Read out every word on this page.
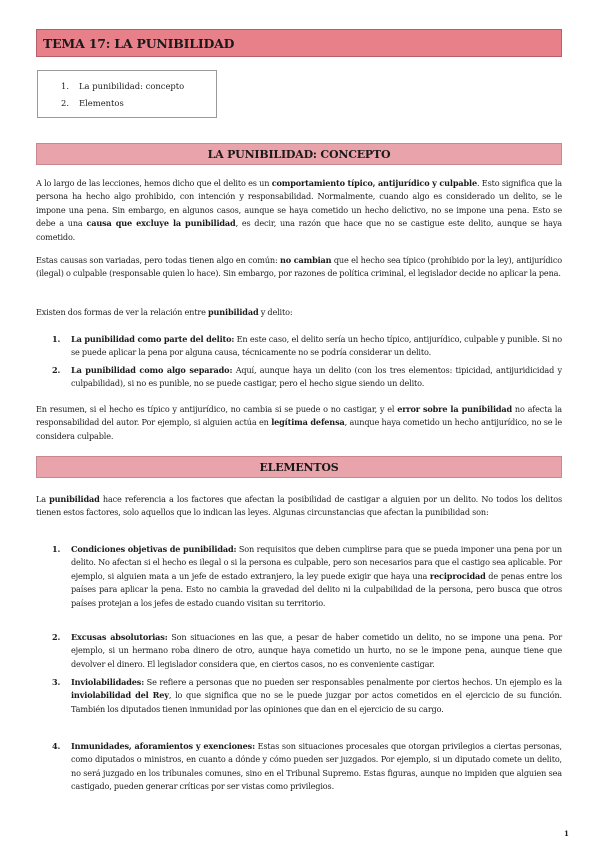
TEMA 17: LA PUNIBILIDAD
1.	La punibilidad: concepto
2.	Elementos
LA PUNIBILIDAD: CONCEPTO
A lo largo de las lecciones, hemos dicho que el delito es un comportamiento típico, antijurídico y culpable. Esto significa que la persona ha hecho algo prohibido, con intención y responsabilidad. Normalmente, cuando algo es considerado un delito, se le impone una pena. Sin embargo, en algunos casos, aunque se haya cometido un hecho delictivo, no se impone una pena. Esto se debe a una causa que excluye la punibilidad, es decir, una razón que hace que no se castigue este delito, aunque se haya cometido.
Estas causas son variadas, pero todas tienen algo en común: no cambian que el hecho sea típico (prohibido por la ley), antijurídico (ilegal) o culpable (responsable quien lo hace). Sin embargo, por razones de política criminal, el legislador decide no aplicar la pena.
Existen dos formas de ver la relación entre punibilidad y delito:
1.	La punibilidad como parte del delito: En este caso, el delito sería un hecho típico, antijurídico, culpable y punible. Si no se puede aplicar la pena por alguna causa, técnicamente no se podría considerar un delito.
2.	La punibilidad como algo separado: Aquí, aunque haya un delito (con los tres elementos: tipicidad, antijuridicidad y culpabilidad), si no es punible, no se puede castigar, pero el hecho sigue siendo un delito.
En resumen, si el hecho es típico y antijurídico, no cambia si se puede o no castigar, y el error sobre la punibilidad no afecta la responsabilidad del autor. Por ejemplo, si alguien actúa en legítima defensa, aunque haya cometido un hecho antijurídico, no se le considera culpable.
ELEMENTOS
La punibilidad hace referencia a los factores que afectan la posibilidad de castigar a alguien por un delito. No todos los delitos tienen estos factores, solo aquellos que lo indican las leyes. Algunas circunstancias que afectan la punibilidad son:
1.	Condiciones objetivas de punibilidad: Son requisitos que deben cumplirse para que se pueda imponer una pena por un delito. No afectan si el hecho es ilegal o si la persona es culpable, pero son necesarios para que el castigo sea aplicable. Por ejemplo, si alguien mata a un jefe de estado extranjero, la ley puede exigir que haya una reciprocidad de penas entre los países para aplicar la pena. Esto no cambia la gravedad del delito ni la culpabilidad de la persona, pero busca que otros países protejan a los jefes de estado cuando visitan su territorio.
2.	Excusas absolutorias: Son situaciones en las que, a pesar de haber cometido un delito, no se impone una pena. Por ejemplo, si un hermano roba dinero de otro, aunque haya cometido un hurto, no se le impone pena, aunque tiene que devolver el dinero. El legislador considera que, en ciertos casos, no es conveniente castigar.
3.	Inviolabilidades: Se refiere a personas que no pueden ser responsables penalmente por ciertos hechos. Un ejemplo es la inviolabilidad del Rey, lo que significa que no se le puede juzgar por actos cometidos en el ejercicio de su función. También los diputados tienen inmunidad por las opiniones que dan en el ejercicio de su cargo.
4.	Inmunidades, aforamientos y exenciones: Estas son situaciones procesales que otorgan privilegios a ciertas personas, como diputados o ministros, en cuanto a dónde y cómo pueden ser juzgados. Por ejemplo, si un diputado comete un delito, no será juzgado en los tribunales comunes, sino en el Tribunal Supremo. Estas figuras, aunque no impiden que alguien sea castigado, pueden generar críticas por ser vistas como privilegios.
1
